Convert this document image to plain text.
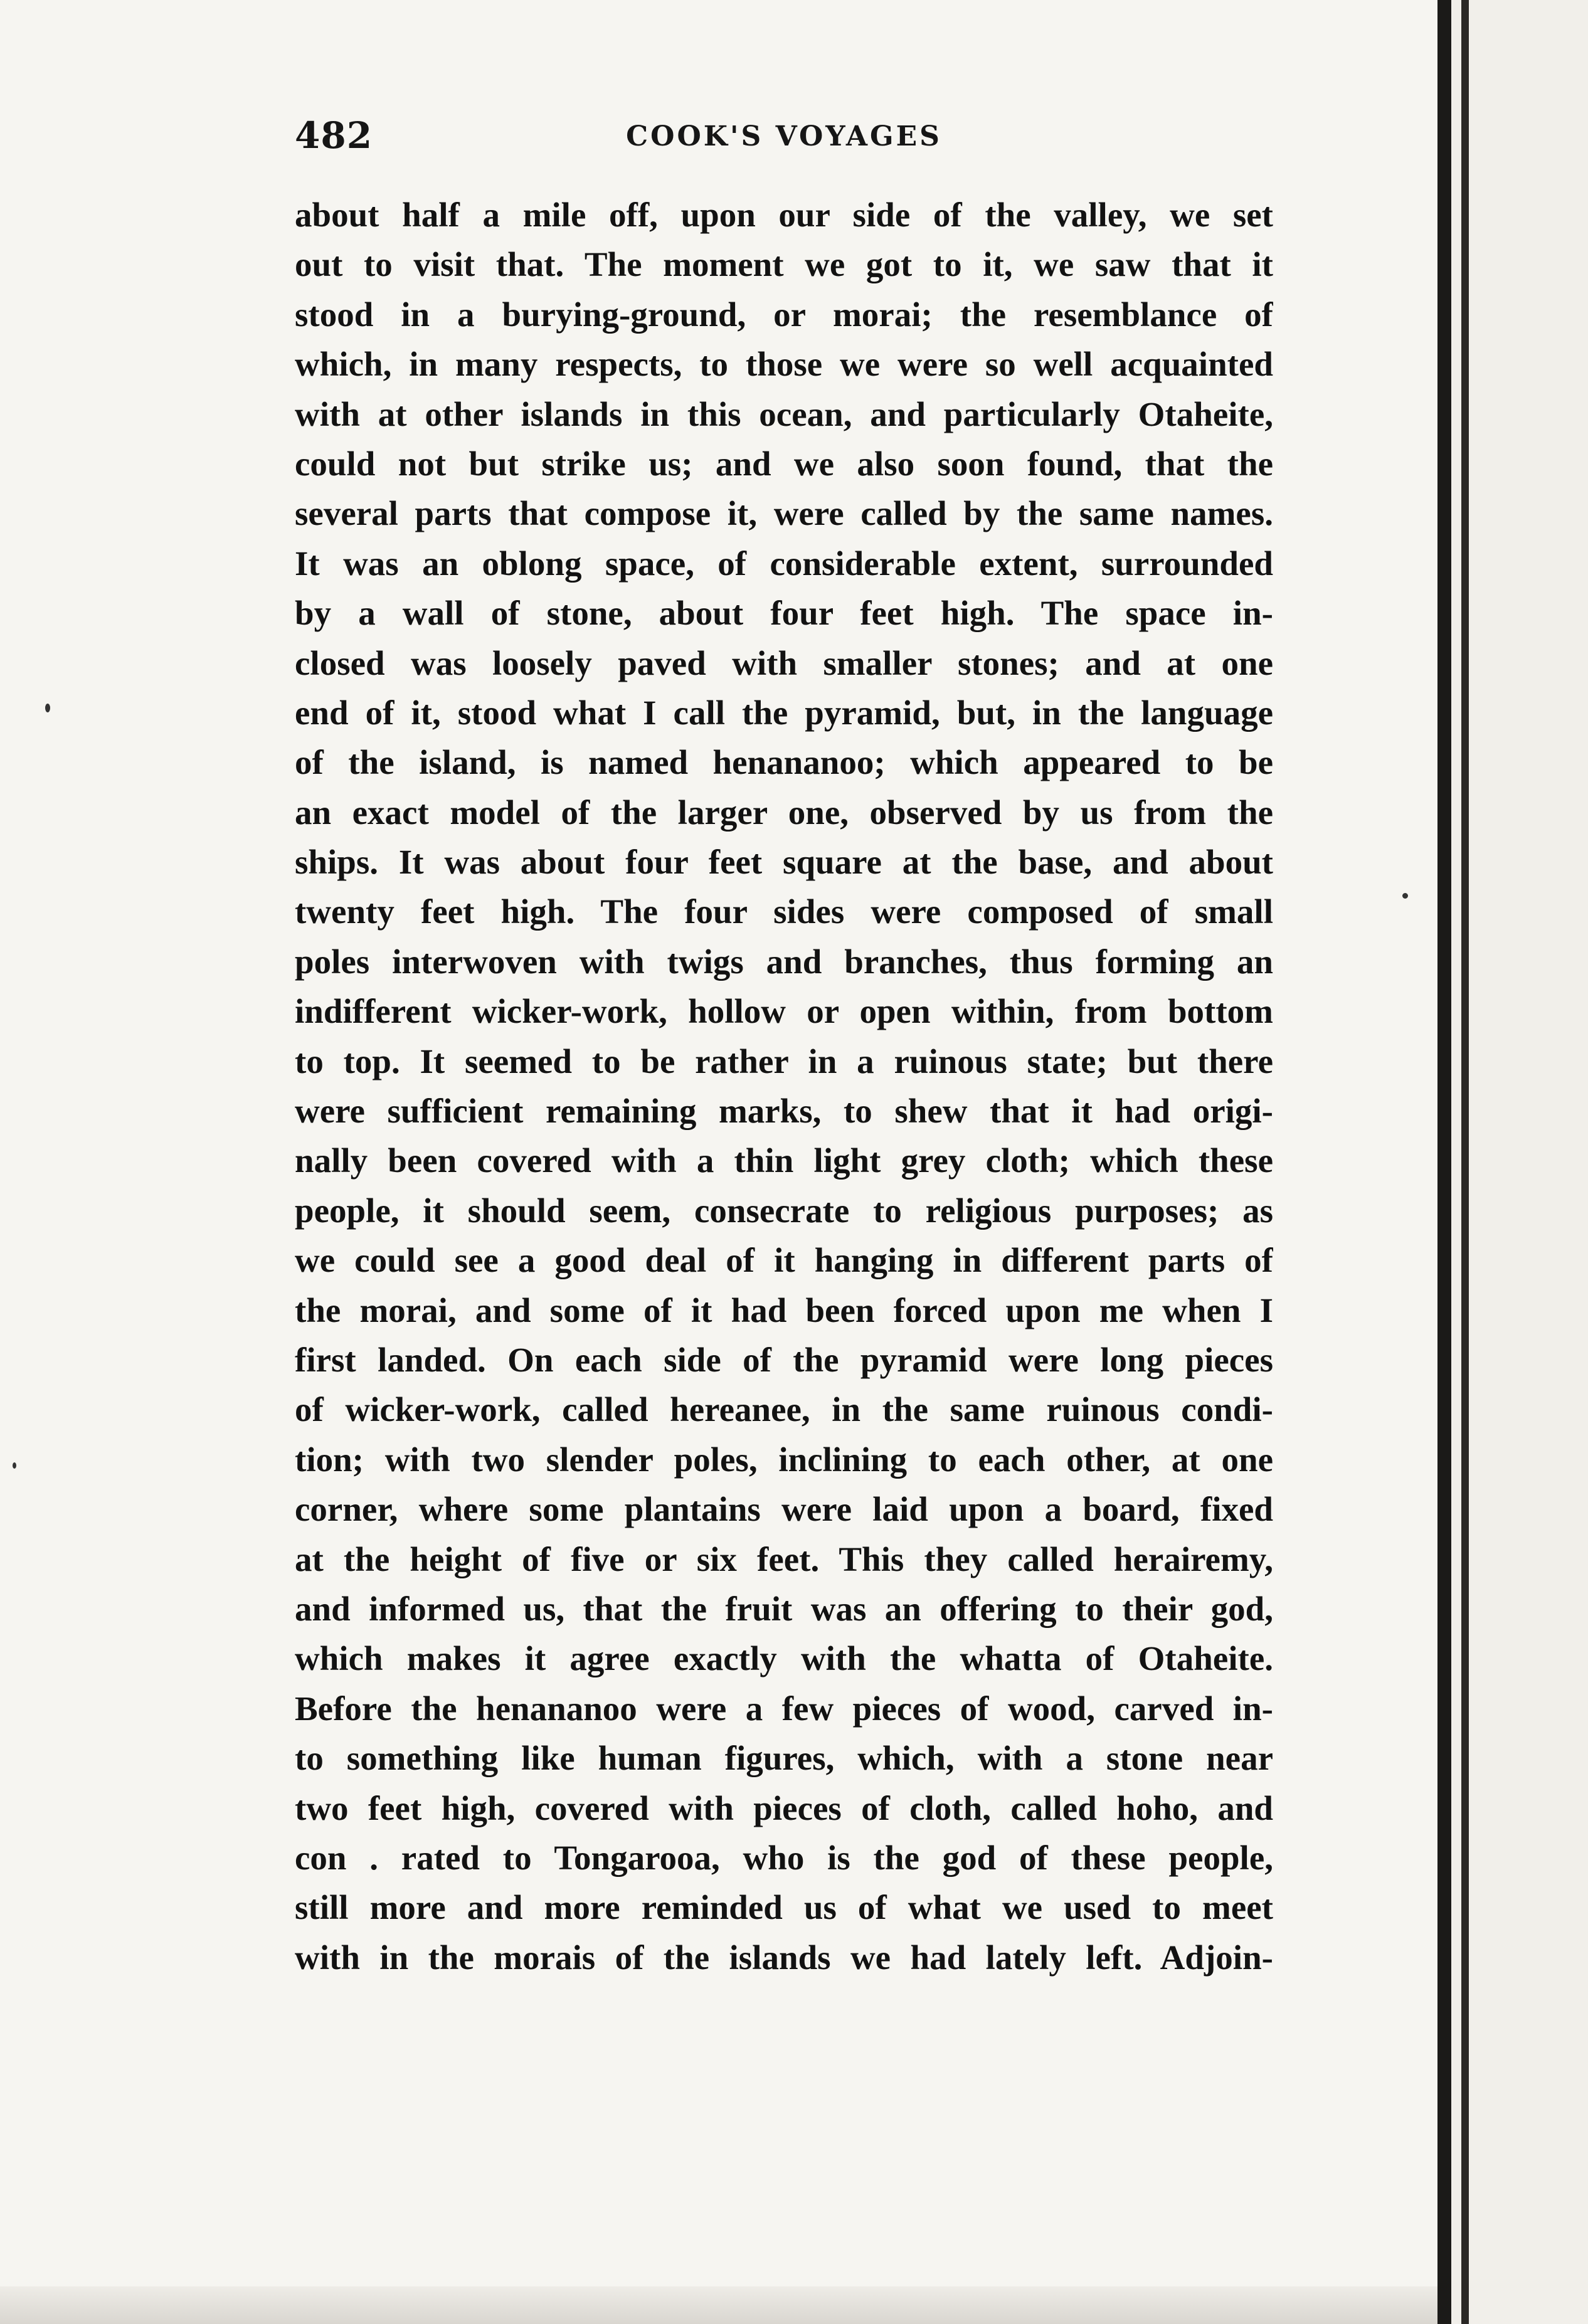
482	COOK'S VOYAGES
about half a mile off, upon our side of the valley, we set
out to visit that. The moment we got to it, we saw that it
stood in a burying-ground, or morai; the resemblance of
which, in many respects, to those we were so well acquainted
with at other islands in this ocean, and particularly Otaheite,
could not but strike us; and we also soon found, that the
several parts that compose it, were called by the same names.
It was an oblong space, of considerable extent, surrounded
by a wall of stone, about four feet high. The space in-
closed was loosely paved with smaller stones; and at one
end of it, stood what I call the pyramid, but, in the language
of the island, is named henananoo; which appeared to be
an exact model of the larger one, observed by us from the
ships. It was about four feet square at the base, and about
twenty feet high. The four sides were composed of small
poles interwoven with twigs and branches, thus forming an
indifferent wicker-work, hollow or open within, from bottom
to top. It seemed to be rather in a ruinous state; but there
were sufficient remaining marks, to shew that it had origi-
nally been covered with a thin light grey cloth; which these
people, it should seem, consecrate to religious purposes; as
we could see a good deal of it hanging in different parts of
the morai, and some of it had been forced upon me when I
first landed. On each side of the pyramid were long pieces
of wicker-work, called hereanee, in the same ruinous condi-
tion; with two slender poles, inclining to each other, at one
corner, where some plantains were laid upon a board, fixed
at the height of five or six feet. This they called herairemy,
and informed us, that the fruit was an offering to their god,
which makes it agree exactly with the whatta of Otaheite.
Before the henananoo were a few pieces of wood, carved in-
to something like human figures, which, with a stone near
two feet high, covered with pieces of cloth, called hoho, and
con . rated to Tongarooa, who is the god of these people,
still more and more reminded us of what we used to meet
with in the morais of the islands we had lately left. Adjoin-
